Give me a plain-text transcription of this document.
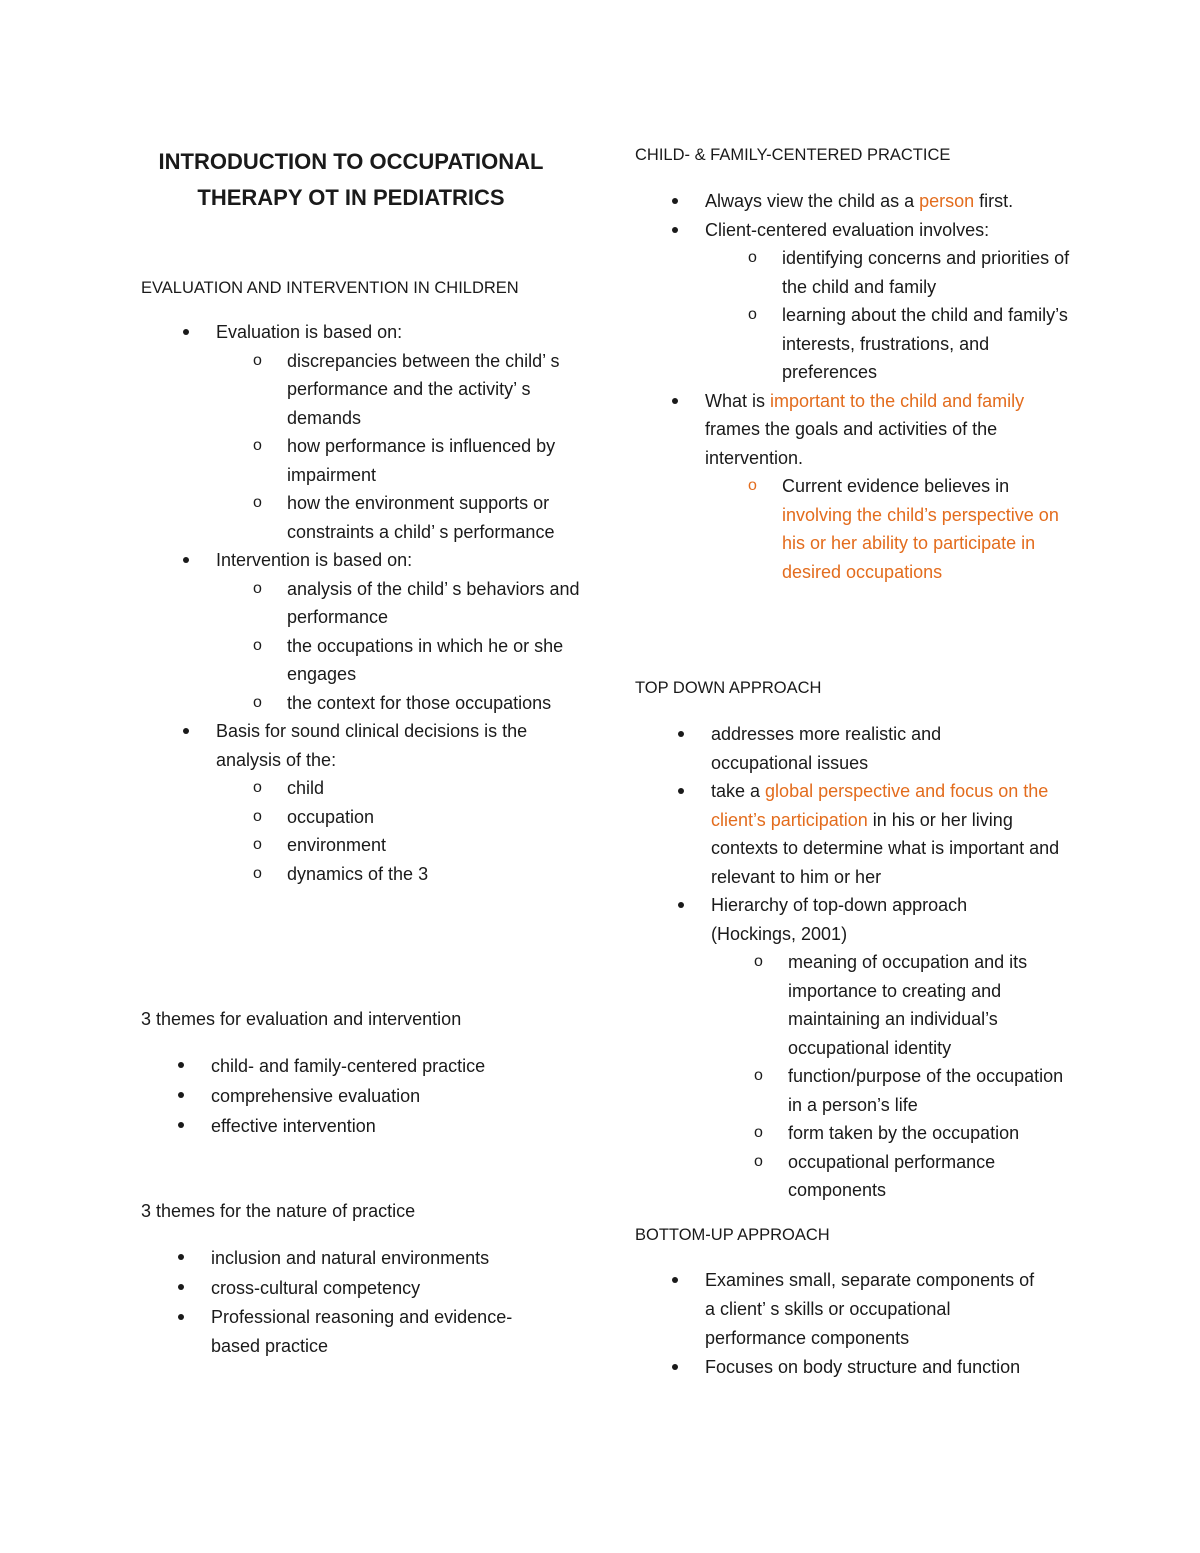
INTRODUCTION TO OCCUPATIONAL THERAPY OT IN PEDIATRICS
EVALUATION AND INTERVENTION IN CHILDREN
Evaluation is based on:
o discrepancies between the child’ s performance and the activity’ s demands
o how performance is influenced by impairment
o how the environment supports or constraints a child’ s performance
Intervention is based on:
o analysis of the child’ s behaviors and performance
o the occupations in which he or she engages
o the context for those occupations
Basis for sound clinical decisions is the analysis of the:
o child
o occupation
o environment
o dynamics of the 3
3 themes for evaluation and intervention
child- and family-centered practice
comprehensive evaluation
effective intervention
3 themes for the nature of practice
inclusion and natural environments
cross-cultural competency
Professional reasoning and evidence-based practice
CHILD- & FAMILY-CENTERED PRACTICE
Always view the child as a person first.
Client-centered evaluation involves:
o identifying concerns and priorities of the child and family
o learning about the child and family’s interests, frustrations, and preferences
What is important to the child and family frames the goals and activities of the intervention.
o Current evidence believes in involving the child’s perspective on his or her ability to participate in desired occupations
TOP DOWN APPROACH
addresses more realistic and occupational issues
take a global perspective and focus on the client’s participation in his or her living contexts to determine what is important and relevant to him or her
Hierarchy of top-down approach (Hockings, 2001)
o meaning of occupation and its importance to creating and maintaining an individual’s occupational identity
o function/purpose of the occupation in a person’s life
o form taken by the occupation
o occupational performance components
BOTTOM-UP APPROACH
Examines small, separate components of a client’ s skills or occupational performance components
Focuses on body structure and function
